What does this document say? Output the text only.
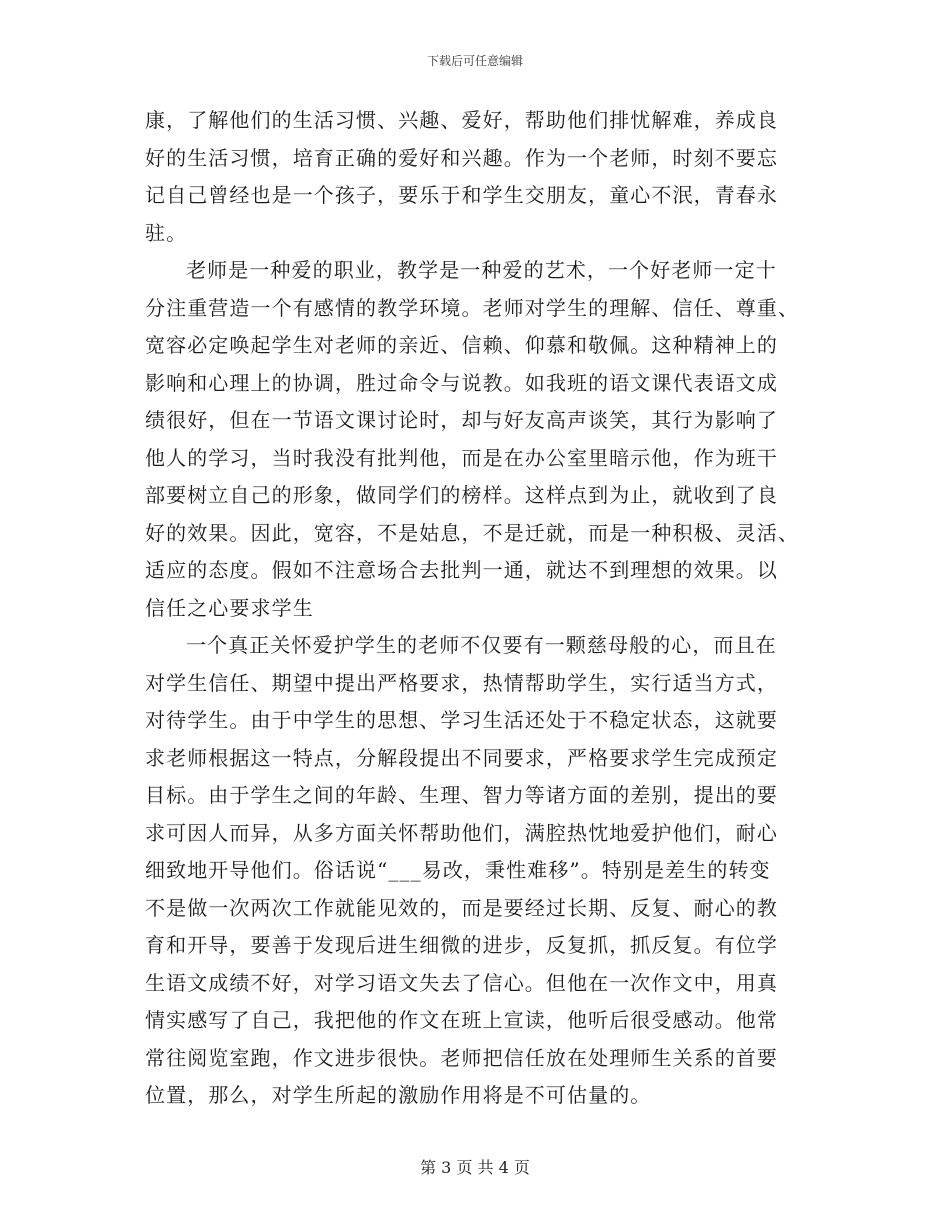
下载后可任意编辑

康，了解他们的生活习惯、兴趣、爱好，帮助他们排忧解难，养成良
好的生活习惯，培育正确的爱好和兴趣。作为一个老师，时刻不要忘
记自己曾经也是一个孩子，要乐于和学生交朋友，童心不泯，青春永
驻。

老师是一种爱的职业，教学是一种爱的艺术，一个好老师一定十
分注重营造一个有感情的教学环境。老师对学生的理解、信任、尊重、
宽容必定唤起学生对老师的亲近、信赖、仰慕和敬佩。这种精神上的
影响和心理上的协调，胜过命令与说教。如我班的语文课代表语文成
绩很好，但在一节语文课讨论时，却与好友高声谈笑，其行为影响了
他人的学习，当时我没有批判他，而是在办公室里暗示他，作为班干
部要树立自己的形象，做同学们的榜样。这样点到为止，就收到了良
好的效果。因此，宽容，不是姑息，不是迁就，而是一种积极、灵活、
适应的态度。假如不注意场合去批判一通，就达不到理想的效果。以
信任之心要求学生

一个真正关怀爱护学生的老师不仅要有一颗慈母般的心，而且在
对学生信任、期望中提出严格要求，热情帮助学生，实行适当方式，
对待学生。由于中学生的思想、学习生活还处于不稳定状态，这就要
求老师根据这一特点，分解段提出不同要求，严格要求学生完成预定
目标。由于学生之间的年龄、生理、智力等诸方面的差别，提出的要
求可因人而异，从多方面关怀帮助他们，满腔热忱地爱护他们，耐心
细致地开导他们。俗话说“___易改，秉性难移”。特别是差生的转变
不是做一次两次工作就能见效的，而是要经过长期、反复、耐心的教
育和开导，要善于发现后进生细微的进步，反复抓，抓反复。有位学
生语文成绩不好，对学习语文失去了信心。但他在一次作文中，用真
情实感写了自己，我把他的作文在班上宣读，他听后很受感动。他常
常往阅览室跑，作文进步很快。老师把信任放在处理师生关系的首要
位置，那么，对学生所起的激励作用将是不可估量的。

第 3 页 共 4 页
